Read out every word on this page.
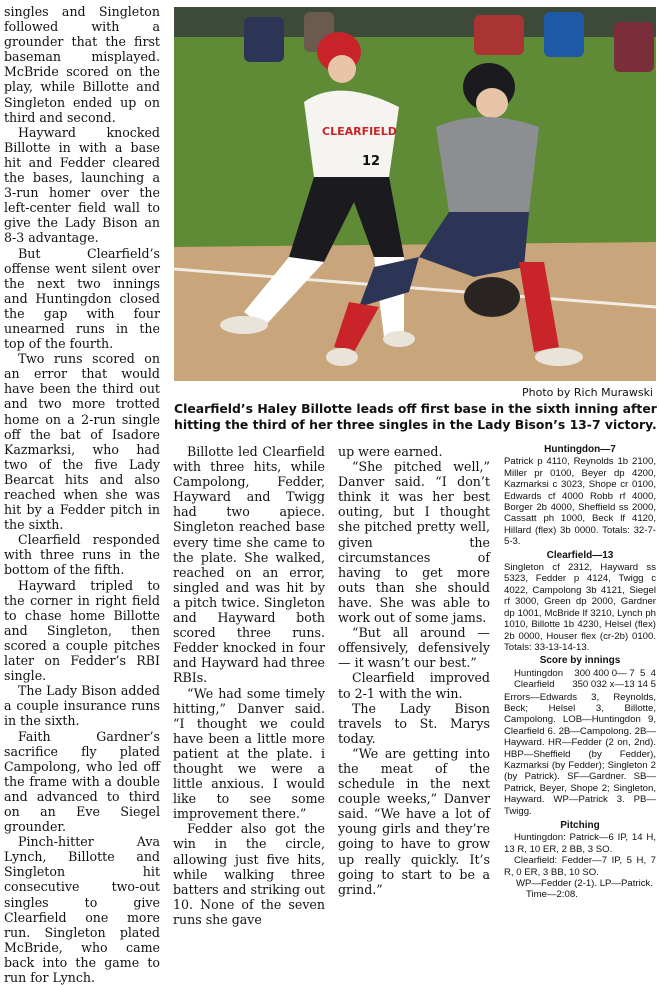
singles and Singleton followed with a grounder that the first baseman misplayed. McBride scored on the play, while Billotte and Singleton ended up on third and second.

Hayward knocked Billotte in with a base hit and Fedder cleared the bases, launching a 3-run homer over the left-center field wall to give the Lady Bison an 8-3 advantage.

But Clearfield’s offense went silent over the next two innings and Huntingdon closed the gap with four unearned runs in the top of the fourth.

Two runs scored on an error that would have been the third out and two more trotted home on a 2-run single off the bat of Isadore Kazmarksi, who had two of the five Lady Bearcat hits and also reached when she was hit by a Fedder pitch in the sixth.

Clearfield responded with three runs in the bottom of the fifth.

Hayward tripled to the corner in right field to chase home Billotte and Singleton, then scored a couple pitches later on Fedder’s RBI single.

The Lady Bison added a couple insurance runs in the sixth.

Faith Gardner’s sacrifice fly plated Campolong, who led off the frame with a double and advanced to third on an Eve Siegel grounder.

Pinch-hitter Ava Lynch, Billotte and Singleton hit consecutive two-out singles to give Clearfield one more run. Singleton plated McBride, who came back into the game to run for Lynch.

CLEARFIELD
12
Photo by Rich Murawski
Clearfield’s Haley Billotte leads off first base in the sixth inning after hitting the third of her three singles in the Lady Bison’s 13-7 victory.

Billotte led Clearfield with three hits, while Campolong, Fedder, Hayward and Twigg had two apiece. Singleton reached base every time she came to the plate. She walked, reached on an error, singled and was hit by a pitch twice. Singleton and Hayward both scored three runs. Fedder knocked in four and Hayward had three RBIs.

“We had some timely hitting,” Danver said. “I thought we could have been a little more patient at the plate. i thought we were a little anxious. I would like to see some improvement there.”

Fedder also got the win in the circle, allowing just five hits, while walking three batters and striking out 10. None of the seven runs she gave

up were earned.

“She pitched well,” Danver said. “I don’t think it was her best outing, but I thought she pitched pretty well, given the circumstances of having to get more outs than she should have. She was able to work out of some jams.

“But all around — offensively, defensively — it wasn’t our best.”

Clearfield improved to 2-1 with the win.

The Lady Bison travels to St. Marys today.

“We are getting into the meat of the schedule in the next couple weeks,” Danver said. “We have a lot of young girls and they’re going to have to grow up really quickly. It’s going to start to be a grind.”

Huntingdon—7

Patrick p 4110, Reynolds 1b 2100, Miller pr 0100, Beyer dp 4200, Kazmarksi c 3023, Shope cr 0100, Edwards cf 4000 Robb rf 4000, Borger 2b 4000, Sheffield ss 2000, Cassatt ph 1000, Beck lf 4120, Hillard (flex) 3b 0000. Totals: 32-7-5-3.

Clearfield—13

Singleton cf 2312, Hayward ss 5323, Fedder p 4124, Twigg c 4022, Campolong 3b 4121, Siegel rf 3000, Green dp 2000, Gardner dp 1001, McBride lf 3210, Lynch ph 1010, Billotte 1b 4230, Helsel (flex) 2b 0000, Houser flex (cr-2b) 0100. Totals: 33-13-14-13.

Score by innings
Huntingdon	300 400 0— 7  5  4
Clearfield	350 032 x—13 14 5

Errors—Edwards 3, Reynolds, Beck; Helsel 3, Billotte, Campolong. LOB—Huntingdon 9, Clearfield 6. 2B—Campolong. 2B—Hayward. HR—Fedder (2 on, 2nd). HBP—Sheffield (by Fedder), Kazmarksi (by Fedder); Singleton 2 (by Patrick). SF—Gardner. SB—Patrick, Beyer, Shope 2; Singleton, Hayward. WP—Patrick 3. PB—Twigg.

Pitching

Huntingdon: Patrick—6 IP, 14 H, 13 R, 10 ER, 2 BB, 3 SO.

Clearfield: Fedder—7 IP, 5 H, 7 R, 0 ER, 3 BB, 10 SO.

WP—Fedder (2-1). LP—Patrick.

Time—2:08.
